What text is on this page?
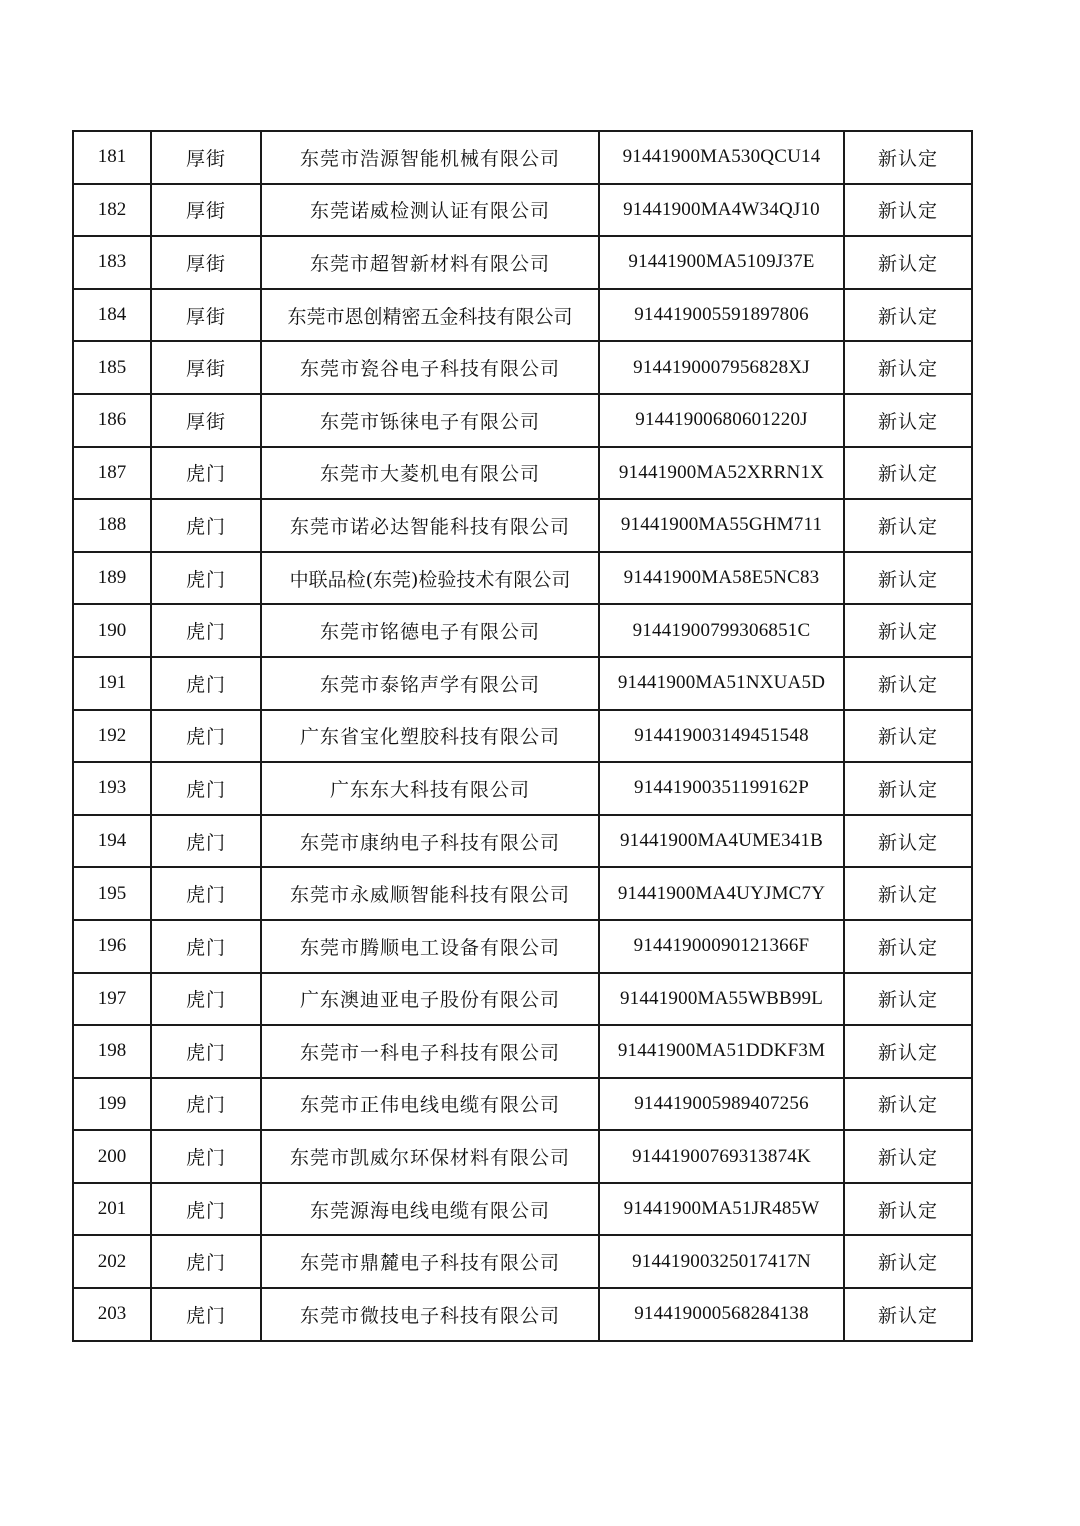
181	厚街	东莞市浩源智能机械有限公司	91441900MA530QCU14	新认定
182	厚街	东莞诺威检测认证有限公司	91441900MA4W34QJ10	新认定
183	厚街	东莞市超智新材料有限公司	91441900MA5109J37E	新认定
184	厚街	东莞市恩创精密五金科技有限公司	914419005591897806	新认定
185	厚街	东莞市瓷谷电子科技有限公司	9144190007956828XJ	新认定
186	厚街	东莞市铄徕电子有限公司	91441900680601220J	新认定
187	虎门	东莞市大菱机电有限公司	91441900MA52XRRN1X	新认定
188	虎门	东莞市诺必达智能科技有限公司	91441900MA55GHM711	新认定
189	虎门	中联品检(东莞)检验技术有限公司	91441900MA58E5NC83	新认定
190	虎门	东莞市铭德电子有限公司	91441900799306851C	新认定
191	虎门	东莞市泰铭声学有限公司	91441900MA51NXUA5D	新认定
192	虎门	广东省宝化塑胶科技有限公司	914419003149451548	新认定
193	虎门	广东东大科技有限公司	91441900351199162P	新认定
194	虎门	东莞市康纳电子科技有限公司	91441900MA4UME341B	新认定
195	虎门	东莞市永威顺智能科技有限公司	91441900MA4UYJMC7Y	新认定
196	虎门	东莞市腾顺电工设备有限公司	91441900090121366F	新认定
197	虎门	广东澳迪亚电子股份有限公司	91441900MA55WBB99L	新认定
198	虎门	东莞市一科电子科技有限公司	91441900MA51DDKF3M	新认定
199	虎门	东莞市正伟电线电缆有限公司	914419005989407256	新认定
200	虎门	东莞市凯威尔环保材料有限公司	91441900769313874K	新认定
201	虎门	东莞源海电线电缆有限公司	91441900MA51JR485W	新认定
202	虎门	东莞市鼎麓电子科技有限公司	91441900325017417N	新认定
203	虎门	东莞市微技电子科技有限公司	914419000568284138	新认定
